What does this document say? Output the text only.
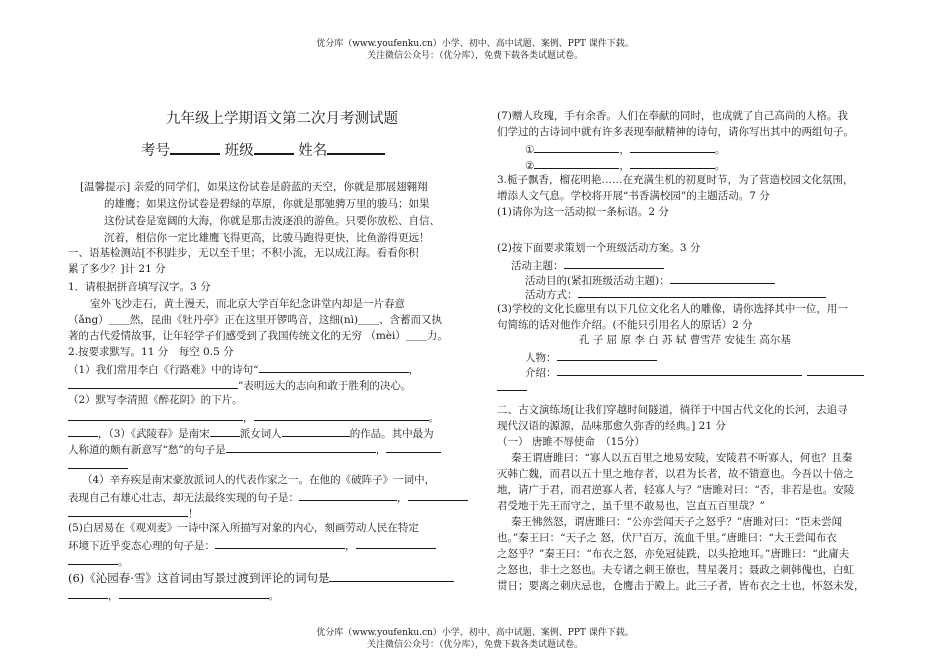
优分库（www.youfenku.cn）小学、初中、高中试题、案例、PPT 课件下载。
关注微信公众号：（优分库），免费下载各类试题试卷。
九年级上学期语文第二次月考测试题
考号	班级	姓名
[温馨提示] 亲爱的同学们，如果这份试卷是蔚蓝的天空，你就是那展翅翱翔
的雄鹰；如果这份试卷是碧绿的草原，你就是那驰骋万里的骏马；如果
这份试卷是宽阔的大海，你就是那击波逐浪的游鱼。只要你放松、自信、
沉着，相信你一定比雄鹰飞得更高，比骏马跑得更快，比鱼游得更远！
一、语基检测站[不积跬步，无以至千里；不积小流，无以成江海。看看你积
累了多少？]计 21 分
1．请根据拼音填写汉字。3 分
室外飞沙走石，黄土漫天，而北京大学百年纪念讲堂内却是一片春意
（ǎng）＿＿然，昆曲《牡丹亭》正在这里开锣鸣音，这细(nì)＿＿、含蓄而又执
著的古代爱情故事，让年轻学子们感受到了我国传统文化的无穷 （mèi）＿＿力。
2.按要求默写。11 分　每空 0.5 分
（1）我们常用李白《行路难》中的诗句“	，
”表明远大的志向和敢于胜利的决心。
（2）默写李清照《醉花阴》的下片。
，	。
，（3）《武陵春》是南宋	派女词人	的作品。其中最为
人称道的颇有新意写“愁”的句子是	，
（4）辛弃疾是南宋豪放派词人的代表作家之一。在他的《破阵子》一词中，
表现自己有雄心壮志，却无法最终实现的句子是：	，
！
(5)白居易在《观刈麦》一诗中深入所描写对象的内心，刻画劳动人民在特定
环境下近乎变态心理的句子是：	，
。
(6)《沁园春·雪》这首词由写景过渡到评论的词句是
，	。
(7)赠人玫瑰，手有余香。人们在奉献的同时，也成就了自己高尚的人格。我
们学过的古诗词中就有许多表现奉献精神的诗句，请你写出其中的两组句子。
①	，	。
②	，	。
3.栀子飘香，榴花明艳……在充满生机的初夏时节，为了营造校园文化氛围，
增添人文气息。学校将开展“书香满校园”的主题活动。7 分
(1)请你为这一活动拟一条标语。2 分
(2)按下面要求策划一个班级活动方案。3 分
活动主题：
活动目的(紧扣班级活动主题)：
活动方式：
(3)学校的文化长廊里有以下几位文化名人的雕像，请你选择其中一位，用一
句简练的话对他作介绍。(不能只引用名人的原话）2 分
孔 子 屈 原 李 白 苏 轼 曹雪芹 安徒生 高尔基
人物：
介绍：
二、古文演练场[让我们穿越时间隧道，徜徉于中国古代文化的长河，去追寻
现代汉语的源源，品味那愈久弥香的经典。] 21 分
（一） 唐雎不辱使命　（15分）
秦王谓唐雎曰：“寡人以五百里之地易安陵，安陵君不听寡人，何也？且秦
灭韩亡魏，而君以五十里之地存者，以君为长者，故不错意也。今吾以十倍之
地，请广于君，而君逆寡人者，轻寡人与？”唐雎对曰：“否，非若是也。安陵
君受地于先王而守之，虽千里不敢易也，岂直五百里哉？”
秦王怫然怒，谓唐雎曰：“公亦尝闻天子之怒乎？”唐雎对曰：“臣未尝闻
也。”秦王曰：“天子之 怒，伏尸百万，流血千里。”唐雎曰：“大王尝闻布衣
之怒乎？”秦王曰：“布衣之怒，亦免冠徒跣，以头抢地耳。”唐雎曰：“此庸夫
之怒也，非士之怒也。夫专诸之刺王僚也，彗星袭月；聂政之刺韩傀也，白虹
贯日；要离之刺庆忌也，仓鹰击于殿上。此三子者，皆布衣之士也，怀怒未发，
优分库（www.youfenku.cn）小学、初中、高中试题、案例、PPT 课件下载。
关注微信公众号：（优分库），免费下载各类试题试卷。
